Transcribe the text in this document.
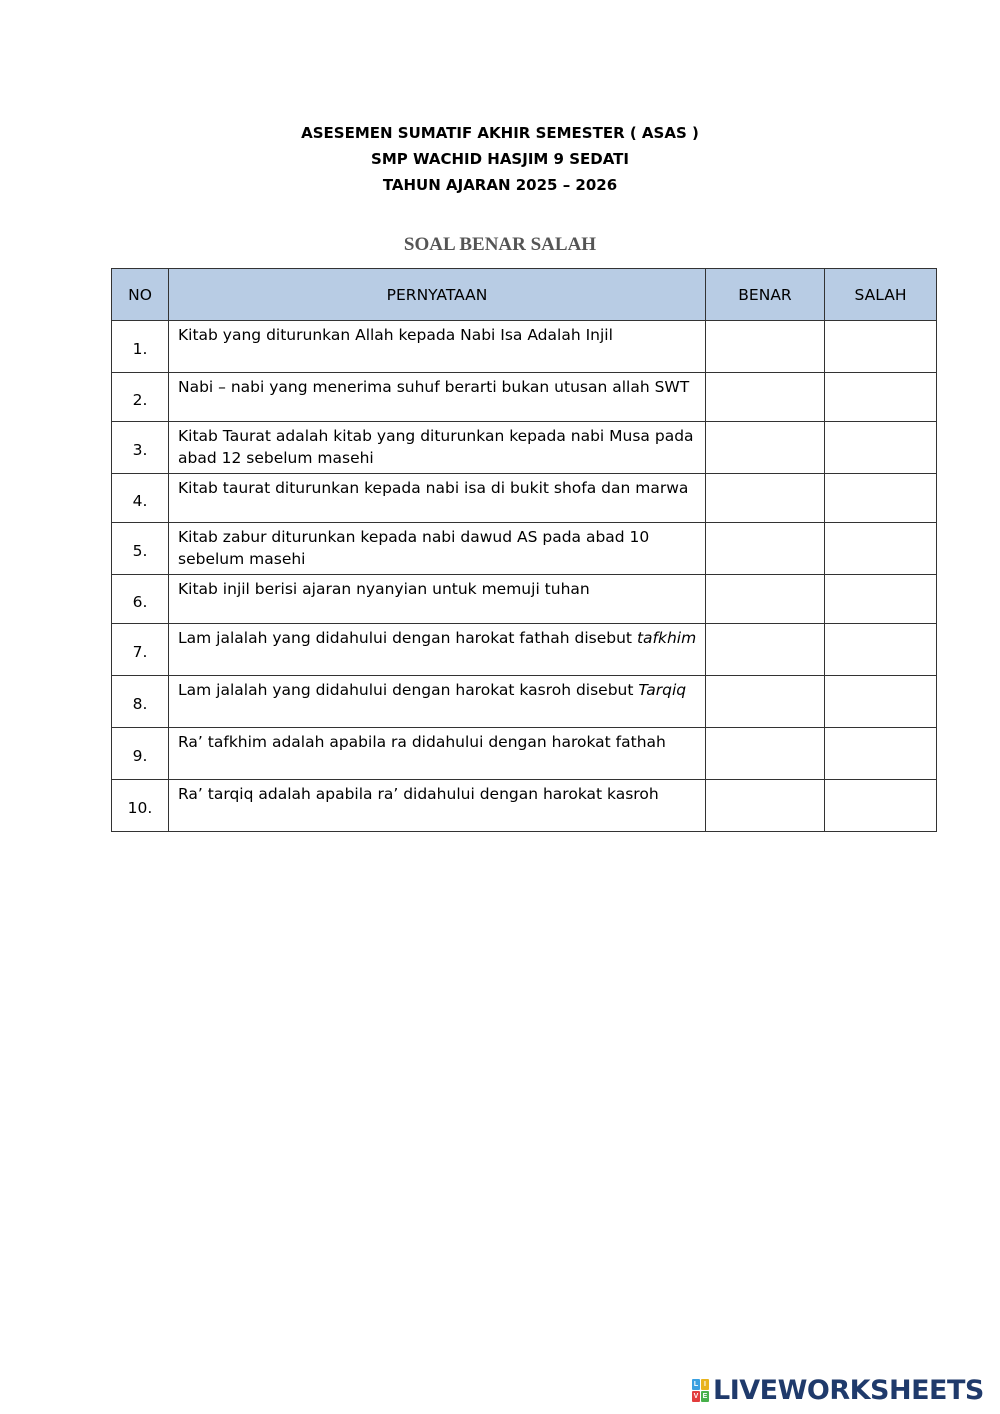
ASESEMEN SUMATIF AKHIR SEMESTER ( ASAS )
SMP WACHID HASJIM 9 SEDATI
TAHUN AJARAN 2025 – 2026
SOAL BENAR SALAH
NO	PERNYATAAN	BENAR	SALAH
1.	Kitab yang diturunkan Allah kepada Nabi Isa Adalah Injil		
2.	Nabi – nabi yang menerima suhuf berarti bukan utusan allah SWT		
3.	Kitab Taurat adalah kitab yang diturunkan kepada nabi Musa pada abad 12 sebelum masehi		
4.	Kitab taurat diturunkan kepada nabi isa di bukit shofa dan marwa		
5.	Kitab zabur diturunkan kepada nabi dawud AS pada abad 10 sebelum masehi		
6.	Kitab injil berisi ajaran nyanyian untuk memuji tuhan		
7.	Lam jalalah yang didahului dengan harokat fathah disebut tafkhim		
8.	Lam jalalah yang didahului dengan harokat kasroh disebut Tarqiq		
9.	Ra’ tafkhim adalah apabila ra didahului dengan harokat fathah		
10.	Ra’ tarqiq adalah apabila ra’ didahului dengan harokat kasroh		
L I
V E LIVEWORKSHEETS
